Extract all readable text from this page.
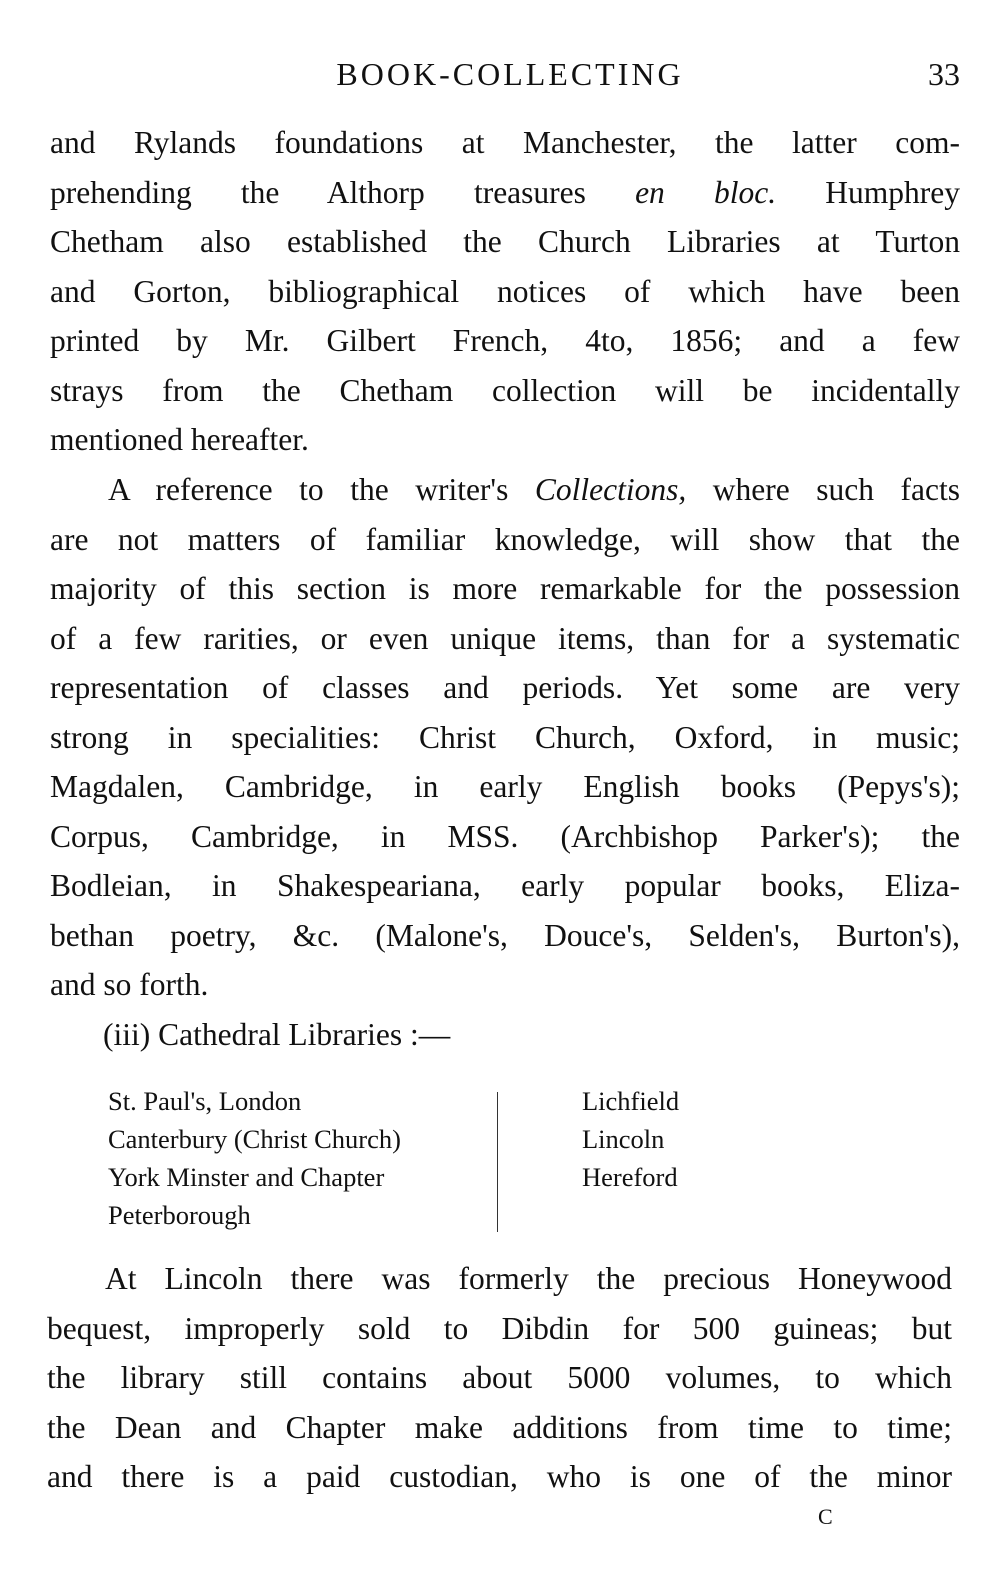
BOOK-COLLECTING	33
and Rylands foundations at Manchester, the latter com-
prehending the Althorp treasures en bloc. Humphrey
Chetham also established the Church Libraries at Turton
and Gorton, bibliographical notices of which have been
printed by Mr. Gilbert French, 4to, 1856; and a few
strays from the Chetham collection will be incidentally
mentioned hereafter.
A reference to the writer's Collections, where such facts
are not matters of familiar knowledge, will show that the
majority of this section is more remarkable for the possession
of a few rarities, or even unique items, than for a systematic
representation of classes and periods. Yet some are very
strong in specialities: Christ Church, Oxford, in music;
Magdalen, Cambridge, in early English books (Pepys's);
Corpus, Cambridge, in MSS. (Archbishop Parker's); the
Bodleian, in Shakespeariana, early popular books, Eliza-
bethan poetry, &c. (Malone's, Douce's, Selden's, Burton's),
and so forth.
(iii) Cathedral Libraries :—
St. Paul's, London
Canterbury (Christ Church)
York Minster and Chapter
Peterborough
Lichfield
Lincoln
Hereford
At Lincoln there was formerly the precious Honeywood
bequest, improperly sold to Dibdin for 500 guineas; but
the library still contains about 5000 volumes, to which
the Dean and Chapter make additions from time to time;
and there is a paid custodian, who is one of the minor
C
